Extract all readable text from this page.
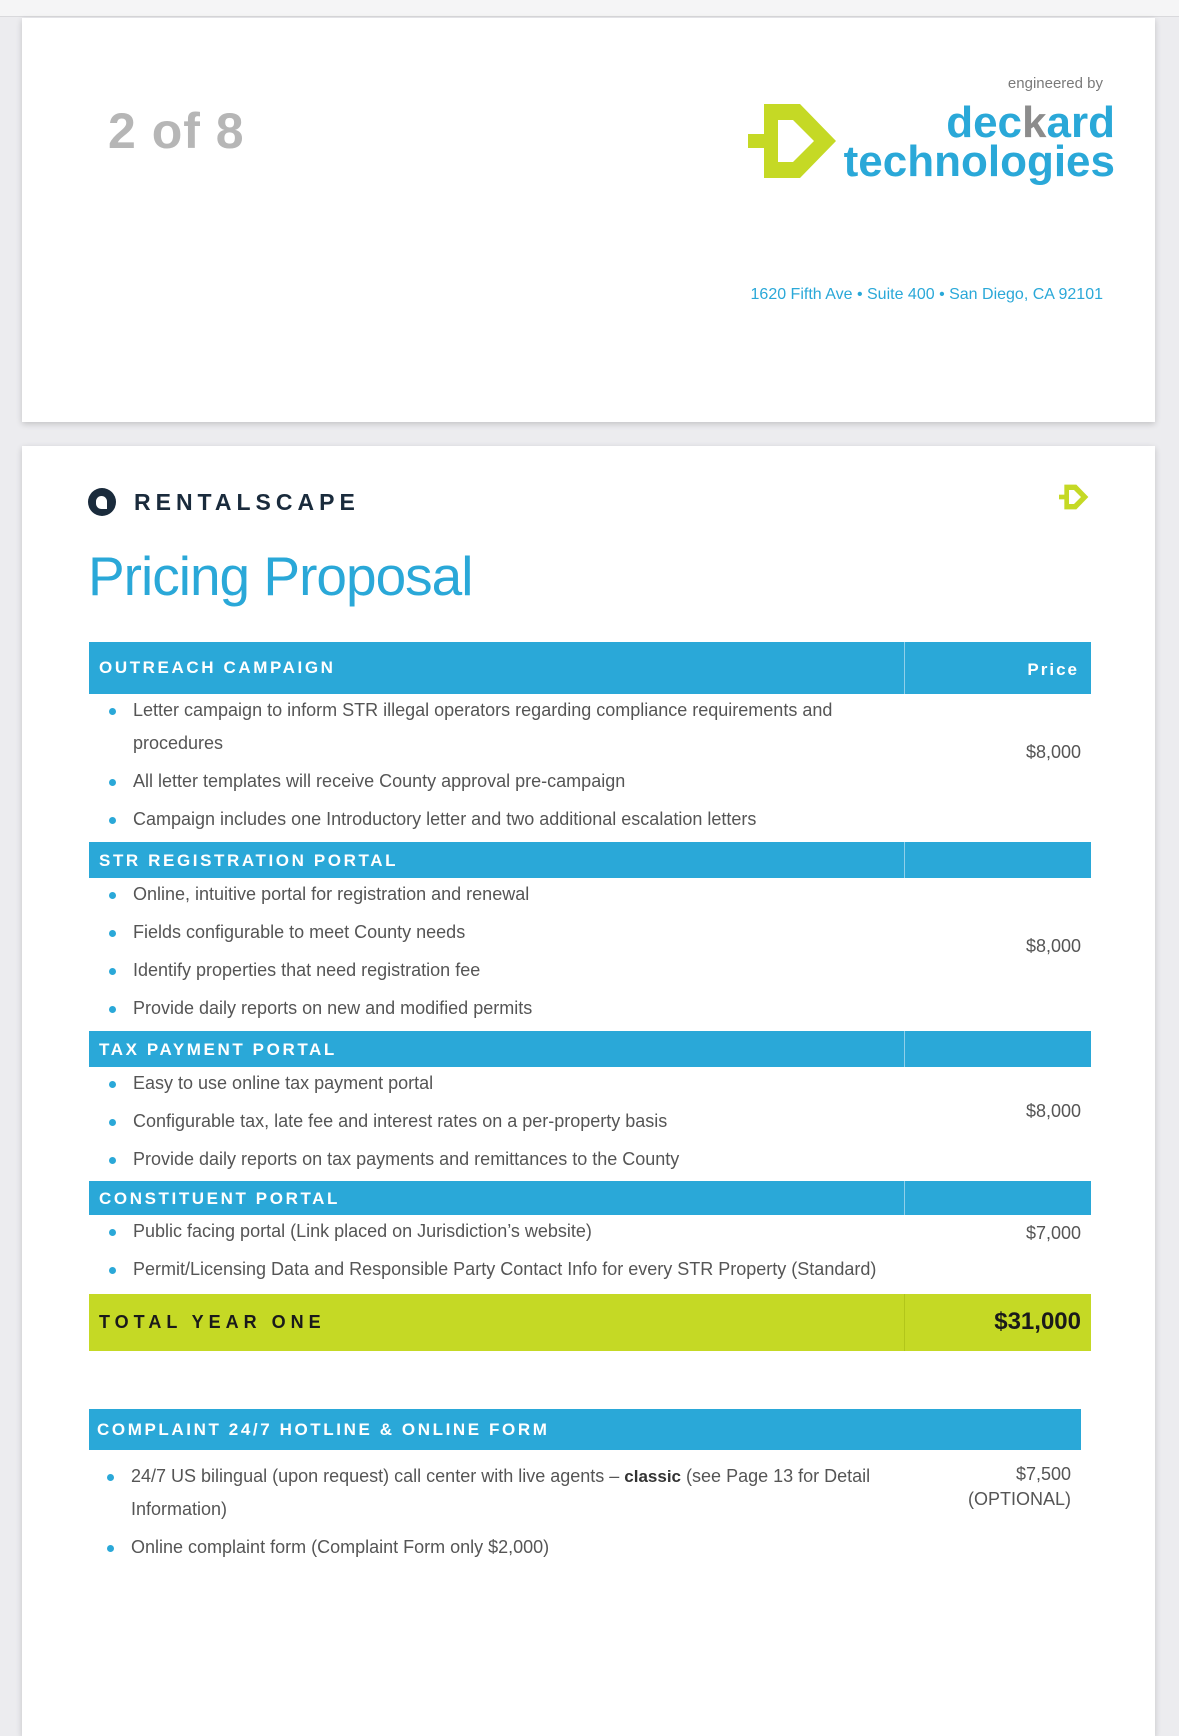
2 of 8
engineered by
deckard
technologies
1620 Fifth Ave • Suite 400 • San Diego, CA 92101
RENTALSCAPE
Pricing Proposal
OUTREACH CAMPAIGN	Price
Letter campaign to inform STR illegal operators regarding compliance requirements and
procedures
All letter templates will receive County approval pre-campaign
Campaign includes one Introductory letter and two additional escalation letters
$8,000
STR REGISTRATION PORTAL
Online, intuitive portal for registration and renewal
Fields configurable to meet County needs
Identify properties that need registration fee
Provide daily reports on new and modified permits
$8,000
TAX PAYMENT PORTAL
Easy to use online tax payment portal
Configurable tax, late fee and interest rates on a per-property basis
Provide daily reports on tax payments and remittances to the County
$8,000
CONSTITUENT PORTAL
Public facing portal (Link placed on Jurisdiction’s website)
Permit/Licensing Data and Responsible Party Contact Info for every STR Property (Standard)
$7,000
TOTAL YEAR ONE	$31,000
COMPLAINT 24/7 HOTLINE & ONLINE FORM
24/7 US bilingual (upon request) call center with live agents – classic (see Page 13 for Detail
Information)
Online complaint form (Complaint Form only $2,000)
$7,500
(OPTIONAL)
